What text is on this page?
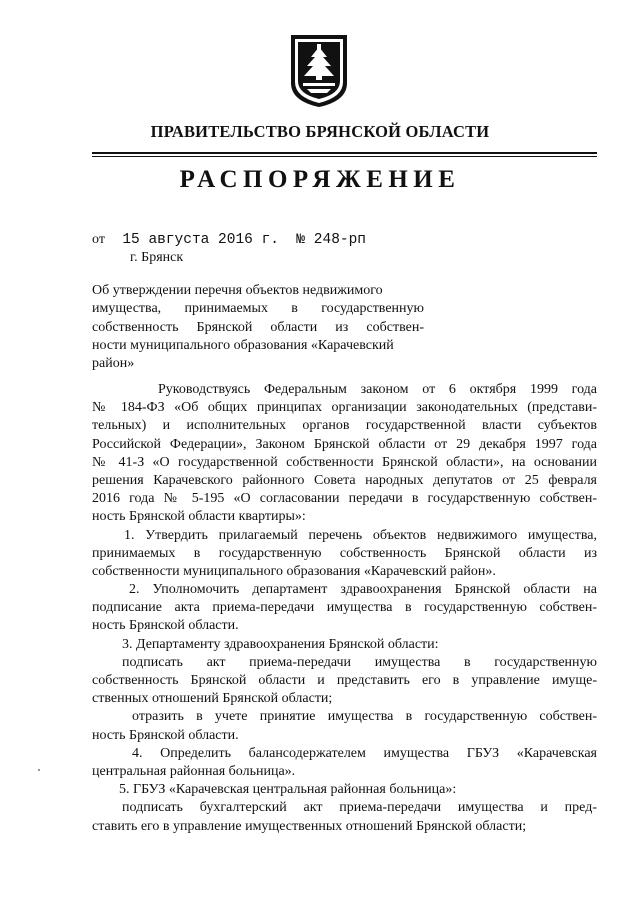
ПРАВИТЕЛЬСТВО БРЯНСКОЙ ОБЛАСТИ
РАСПОРЯЖЕНИЕ
от 15 августа 2016 г. № 248-рп
г. Брянск
Об утверждении перечня объектов недвижимого
имущества, принимаемых в государственную
собственность Брянской области из собствен-
ности муниципального образования «Карачевский
район»
Руководствуясь Федеральным законом от 6 октября 1999 года
№ 184-ФЗ «Об общих принципах организации законодательных (представи-
тельных) и исполнительных органов государственной власти субъектов
Российской Федерации», Законом Брянской области от 29 декабря 1997 года
№ 41-З «О государственной собственности Брянской области», на основании
решения Карачевского районного Совета народных депутатов от 25 февраля
2016 года № 5-195 «О согласовании передачи в государственную собствен-
ность Брянской области квартиры»:
1. Утвердить прилагаемый перечень объектов недвижимого имущества,
принимаемых в государственную собственность Брянской области из
собственности муниципального образования «Карачевский район».
2. Уполномочить департамент здравоохранения Брянской области на
подписание акта приема-передачи имущества в государственную собствен-
ность Брянской области.
3. Департаменту здравоохранения Брянской области:
подписать акт приема-передачи имущества в государственную
собственность Брянской области и представить его в управление имуще-
ственных отношений Брянской области;
отразить в учете принятие имущества в государственную собствен-
ность Брянской области.
4. Определить балансодержателем имущества ГБУЗ «Карачевская
центральная районная больница».
5. ГБУЗ «Карачевская центральная районная больница»:
подписать бухгалтерский акт приема-передачи имущества и пред-
ставить его в управление имущественных отношений Брянской области;
